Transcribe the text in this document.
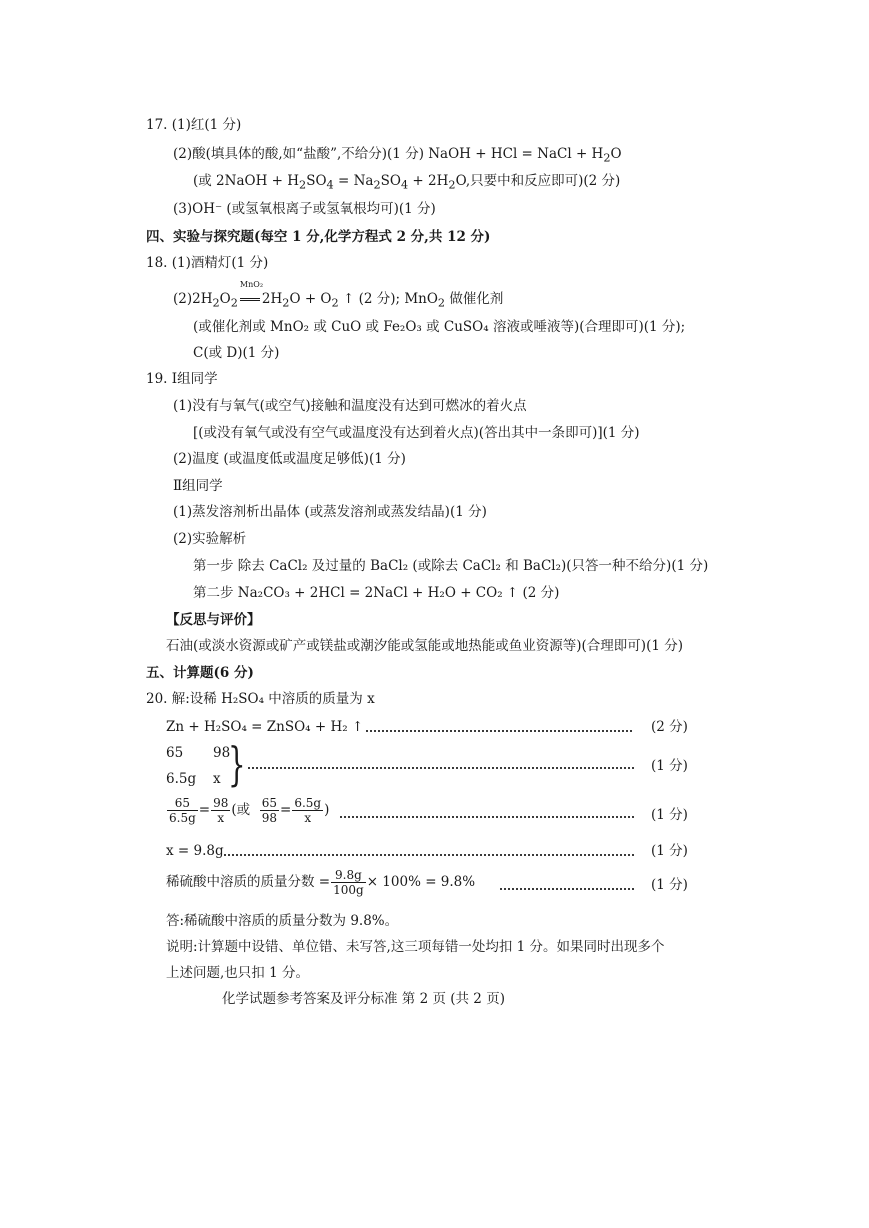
17. (1)红(1 分)
(2)酸(填具体的酸,如“盐酸”,不给分)(1 分) NaOH + HCl = NaCl + $H_2O$
(或 2NaOH + $H_2SO_4 = Na_2SO_4 + 2H_2O$,只要中和反应即可)(2 分)
(3)OH⁻ (或氢氧根离子或氢氧根均可)(1 分)
四、实验与探究题(每空 1 分,化学方程式 2 分,共 12 分)
18. (1)酒精灯(1 分)
$(2)2H_2O_2$
MnO₂
$2H_2O + O_2$ ↑ (2 分); MnO$_2$ 做催化剂
(或催化剂或 MnO₂ 或 CuO 或 Fe₂O₃ 或 CuSO₄ 溶液或唾液等)(合理即可)(1 分);
C(或 D)(1 分)
19. Ⅰ组同学
(1)没有与氧气(或空气)接触和温度没有达到可燃冰的着火点
[(或没有氧气或没有空气或温度没有达到着火点)(答出其中一条即可)](1 分)
(2)温度 (或温度低或温度足够低)(1 分)
Ⅱ组同学
(1)蒸发溶剂析出晶体 (或蒸发溶剂或蒸发结晶)(1 分)
(2)实验解析
第一步 除去 CaCl₂ 及过量的 BaCl₂ (或除去 CaCl₂ 和 BaCl₂)(只答一种不给分)(1 分)
第二步 Na₂CO₃ + 2HCl = 2NaCl + H₂O + CO₂ ↑ (2 分)
【反思与评价】
石油(或淡水资源或矿产或镁盐或潮汐能或氢能或地热能或鱼业资源等)(合理即可)(1 分)
五、计算题(6 分)
20. 解:设稀 H₂SO₄ 中溶质的质量为 x
Zn + H₂SO₄ = ZnSO₄ + H₂ ↑	(2 分)
65 98
6.5g x }	(1 分)
$\frac{65}{6.5g} = \frac{98}{x}$ (或 $\frac{65}{98} = \frac{6.5g}{x}$ )	(1 分)
x = 9.8g	(1 分)
稀硫酸中溶质的质量分数 = $\frac{9.8g}{100g} \times 100\% = 9.8\%$	(1 分)
答:稀硫酸中溶质的质量分数为 9.8%。
说明:计算题中设错、单位错、未写答,这三项每错一处均扣 1 分。如果同时出现多个
上述问题,也只扣 1 分。
化学试题参考答案及评分标准 第 2 页 (共 2 页)
